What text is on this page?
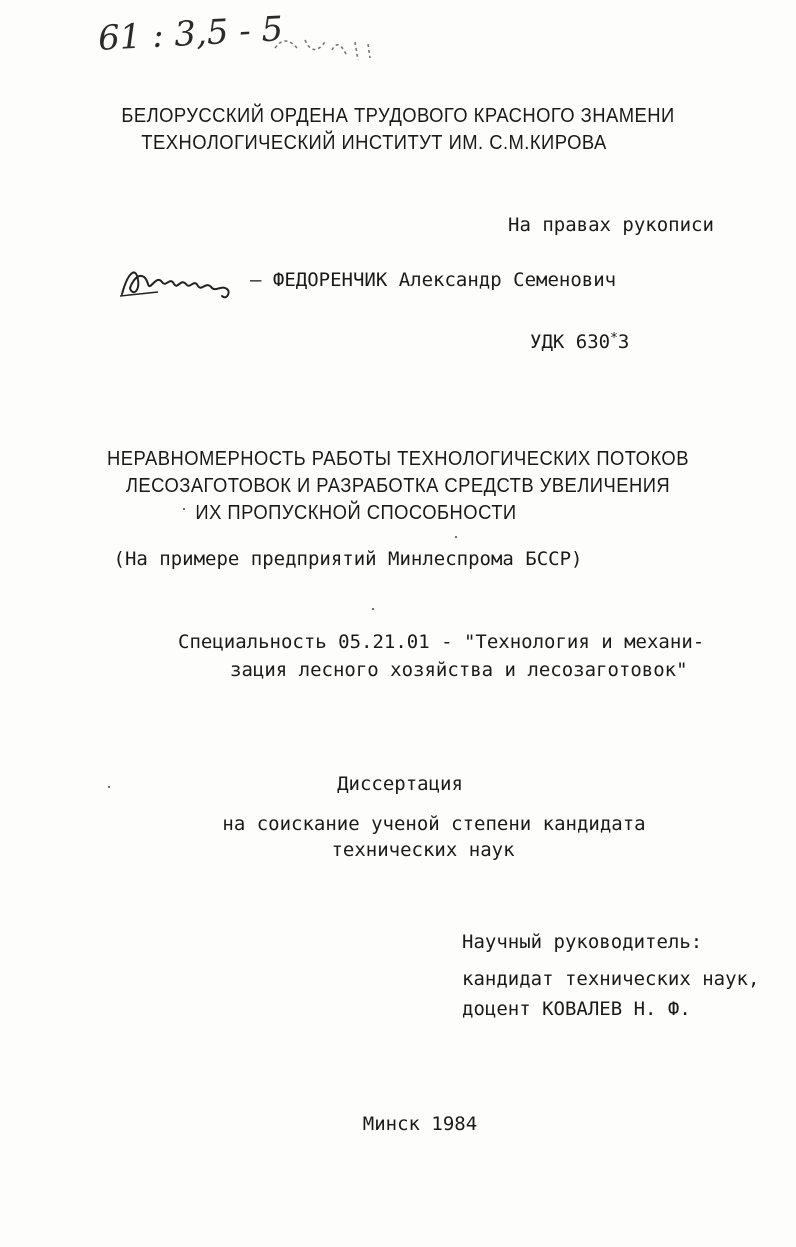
61 : 3,5 - 5
БЕЛОРУССКИЙ ОРДЕНА ТРУДОВОГО КРАСНОГО ЗНАМЕНИ
ТЕХНОЛОГИЧЕСКИЙ ИНСТИТУТ ИМ. С.М.КИРОВА
На правах рукописи
— ФЕДОРЕНЧИК Александр Семенович
УДК 630*3
НЕРАВНОМЕРНОСТЬ РАБОТЫ ТЕХНОЛОГИЧЕСКИХ ПОТОКОВ
ЛЕСОЗАГОТОВОК И РАЗРАБОТКА СРЕДСТВ УВЕЛИЧЕНИЯ
ИХ ПРОПУСКНОЙ СПОСОБНОСТИ
(На примере предприятий Минлеспрома БССР)
Специальность 05.21.01 - "Технология и механи-
зация лесного хозяйства и лесозаготовок"
Диссертация
на соискание ученой степени кандидата
технических наук
Научный руководитель:
кандидат технических наук,
доцент КОВАЛЕВ Н. Ф.
Минск 1984
